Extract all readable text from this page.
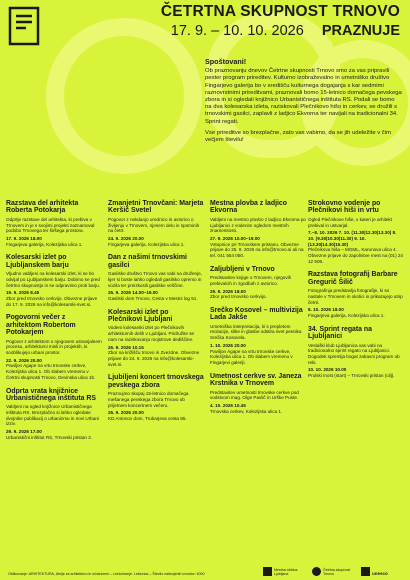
ČETRTNA SKUPNOST TRNOVO
17. 9. – 10. 10. 2026 PRAZNUJE
Spoštovani!

Ob praznovanju dnevov Četrtne skupnosti Trnovo smo za vas pripravili pester program prireditev. Kulturno izobraževalno in umetniško društvo Fingarjevo galerija bo v središču kulturnega dogajanja s kar sedmimi raznovrstnimi prireditvami, praznovali bomo 15-letnico domačega pevskega zbora in si ogledali knjižnico Urbanističnega inštituta RS. Podali se bomo na dva kolesarska izleta, raziskovali Plečnikovo hišo in cerkev, se družili s trnovskimi gasilci, zaplavli z ladjico Ekvorna ter navijali na tradicionalni 34. Sprint regati.

Vse prireditve so brezplačne, zato vas vabimo, da se jih udeležite v čim večjem številu!

Razstava del arhitekta Roberta Potokarja

Odprtje razstave del arhitekta, ki prebiva v Trnovem in je s svojimi projekti zaznamoval podobo Trnovega ter širšega prostora.

17. 9. 2026 18.00

Fingarjeva galerija, Koleziјska ulica 1.

Kolesarski izlet po Ljubljanskem barju

Vljudno vabljeni na kolesarski izlet, ki se bo odvijal po Ljubljanskem barju. Dobimo se pred četrtno skupnostjo in se odpravimo proti barju.

19. 9. 2026 8.45

Zbor pred trnovsko cerkvijo. Obvezne prijave do 17. 9. 2026 na info@kolesarski-svet.si.

Pogovorni večer z arhitektom Robertom Potokarjem

Pogovor z arhitektom o njegovem ustvarjalnem procesu, arhitekturni misli in projektih, ki sooblikujejo urbani prostor.

22. 9. 2026 20.00

Pavilјon Agape na vrtu trnovske cerkve, Koleziјska ulica 1. Ob slabem vremenu v Četrtni skupnosti Trnovo, Devinska ulica 1b.

Odprta vrata knjižnice Urbanističnega inštituta RS

Vabljeni na ogled knjižnice Urbanističnega inštituta RS. Brezplačno si lahko ogledate dvojnike publikacij o urbanizmu in novi Urbani izziv.

29. 9. 2026 17.00

Urbanistični inštitut RS, Trnovski pristan 2.

Zmanjetni Trnovčani: Marjeta Keršič Svetel

Pogovor z nekdanjo urednico in avtorico o življenju v Trnovem, njenem delu in spominih na četrt.

24. 9. 2026 20.00

Fingarjeva galerija, Koleziјska ulica 1.

Dan z našimi trnovskimi gasilci

Gasilsko društvo Trnovo vas vabi na druženje, kjer si boste lahko ogledali gasilsko opremo in vozila ter preizkusili gasilske veščine.

25. 9. 2026 14.00–19.00

Gasilski dom Trnovo, Cesta v Mestni log 51.

Kolesarski izlet po Plečnikovi Ljubljani

Vodeni kolesarski izlet po Plečnikovih arhitekturnih delih v Ljubljani. Pridružite se nam na raziskovanju mojstrove dediščine.

26. 9. 2026 10.15

Zbor na križišču trnovo in Zvezdne. Obvezne prijave do 24. 9. 2026 na info@kolesarski-svet.si.

Ljubiljeni koncert trnovskega pevskega zbora

Praznujmo skupaj 15-letnico domačega mešanega pevskega zbora Trnovo ob prijetnem koncertnem večeru.

26. 9. 2026 20.00

KD Antonov dom, Trubarjeva cesta 85.

Mestna plovba z ladjico Ekvorna

Vabljeni na mestno plovbo z ladjico Ekvorna po Ljubljanici z vodenim ogledom mestnih znamenitosti.

27. 9. 2026 10.00–19.00

Vstopnice pri Trnovskem pristanu. Obvezne prijave do 25. 9. 2026 na info@trnovo.si ali na tel. 041 554 050.

Zaljubljeni v Trnovo

Predstavitev knjige o Trnovem, njegovih prebivalcih in zgodbah z avtorico.

29. 9. 2026 18.00

Zbor pred trnovsko cerkvijo.

Srečko Kosovel – multivizija Lada Jakše

Umetniška interpretacija, ki s prepletom recitacije, slike in glasbe odstira svet pesnika Srečka Kosovela.

1. 10. 2026 20.00

Pavilјon Agape na vrtu trnovske cerkve, Koleziјska ulica 1. Ob slabem vremenu v Fingarjevi galeriji.

Umetnost cerkve sv. Janeza Krstnika v Trnovem

Predstavitev umetnosti trnovske cerkve pod vodstvom mag. Olge Pavlič in Urške Puste.

4. 10. 2026 10.45

Trnovska cerkev, Koleziјska ulica 1.

Strokovno vodenje po Plečnikovi hiši in vrtu

Ogled Plečnikove hiše, v kateri je arhitekt prebival in ustvarjal.

7.–8. 10. 2026 7. 10. (11.30|12.30|13.30) 8. 10. (9.30|10.30|11.30) 9. 10. (13.30|14.30|15.30)

Plečnikova hiša – MGML, Karunova ulica 4. Obvezne prijave do zapolnitve mest na (01) 24 12 506.

Razstava fotografij Barbare Gregurič Šilič

Fotografinja predstavlja fotografije, ki so nastale v Trnovem in okolici in prikazujejo utrip četrti.

8. 10. 2026 18.00

Fingarjeva galerija, Koleziјska ulica 1.

34. Sprint regata na Ljubljanici

Veslaški klub Ljubljanica vas vabi na tradicionalno sprint regato na Ljubljanici. Dogodek spremlja bogat zabavni program ob reki.

10. 10. 2026 10.00

Prulski most (start) – Trnovski pristan (cilj).

Oblikovanje: ARHITEKTURA, Atelje za arhitekturo in urbanizem – Lektoriranje: Lektorica – Število natisnjenih izvodov: 4000
Mestna občina Ljubljana
Četrtna skupnost Trnovo	unesco
